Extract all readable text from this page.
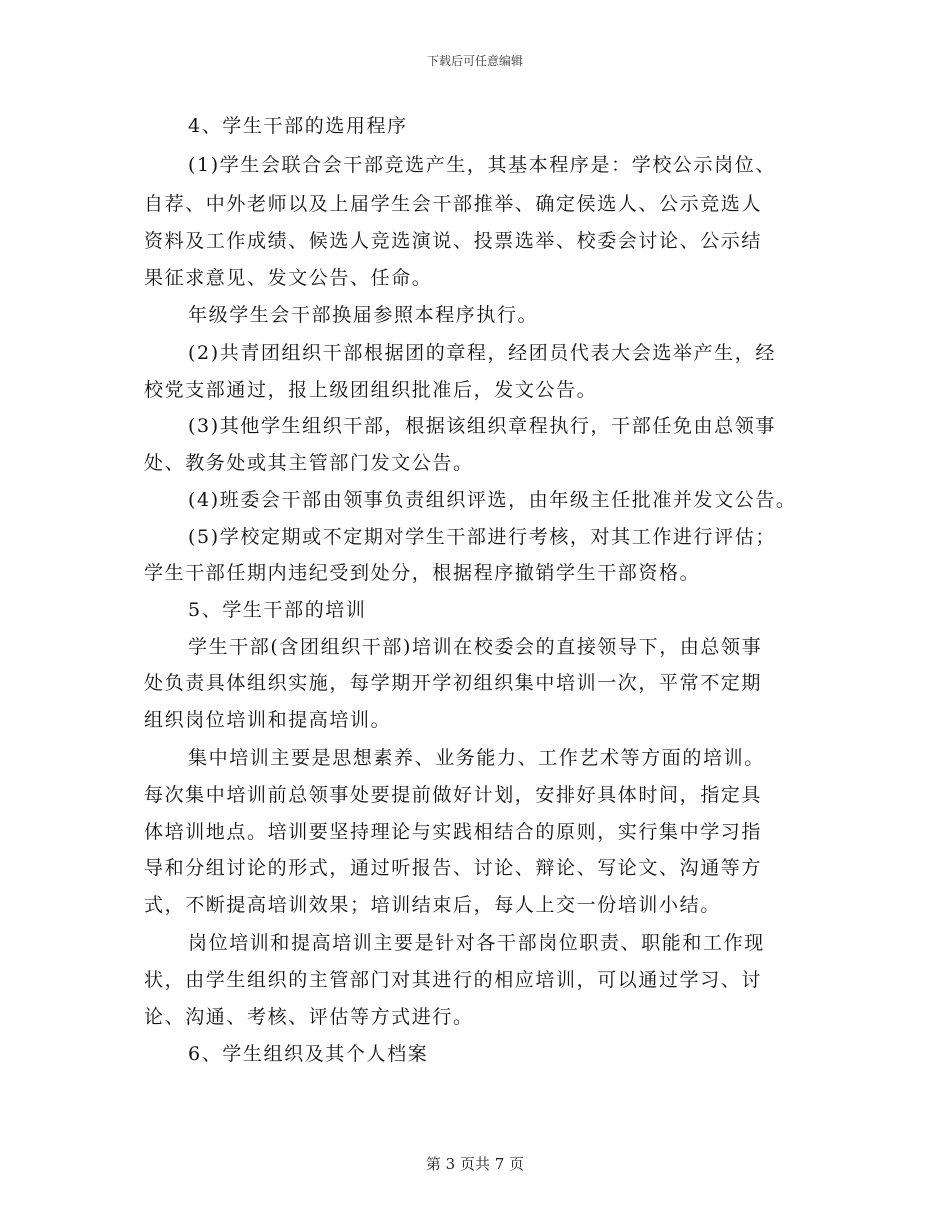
下载后可任意编辑
4、学生干部的选用程序
(1)学生会联合会干部竞选产生，其基本程序是：学校公示岗位、
自荐、中外老师以及上届学生会干部推举、确定侯选人、公示竞选人
资料及工作成绩、候选人竞选演说、投票选举、校委会讨论、公示结
果征求意见、发文公告、任命。
年级学生会干部换届参照本程序执行。
(2)共青团组织干部根据团的章程，经团员代表大会选举产生，经
校党支部通过，报上级团组织批准后，发文公告。
(3)其他学生组织干部，根据该组织章程执行，干部任免由总领事
处、教务处或其主管部门发文公告。
(4)班委会干部由领事负责组织评选，由年级主任批准并发文公告。
(5)学校定期或不定期对学生干部进行考核，对其工作进行评估；
学生干部任期内违纪受到处分，根据程序撤销学生干部资格。
5、学生干部的培训
学生干部(含团组织干部)培训在校委会的直接领导下，由总领事
处负责具体组织实施，每学期开学初组织集中培训一次，平常不定期
组织岗位培训和提高培训。
集中培训主要是思想素养、业务能力、工作艺术等方面的培训。
每次集中培训前总领事处要提前做好计划，安排好具体时间，指定具
体培训地点。培训要坚持理论与实践相结合的原则，实行集中学习指
导和分组讨论的形式，通过听报告、讨论、辩论、写论文、沟通等方
式，不断提高培训效果；培训结束后，每人上交一份培训小结。
岗位培训和提高培训主要是针对各干部岗位职责、职能和工作现
状，由学生组织的主管部门对其进行的相应培训，可以通过学习、讨
论、沟通、考核、评估等方式进行。
6、学生组织及其个人档案
第 3 页共 7 页
